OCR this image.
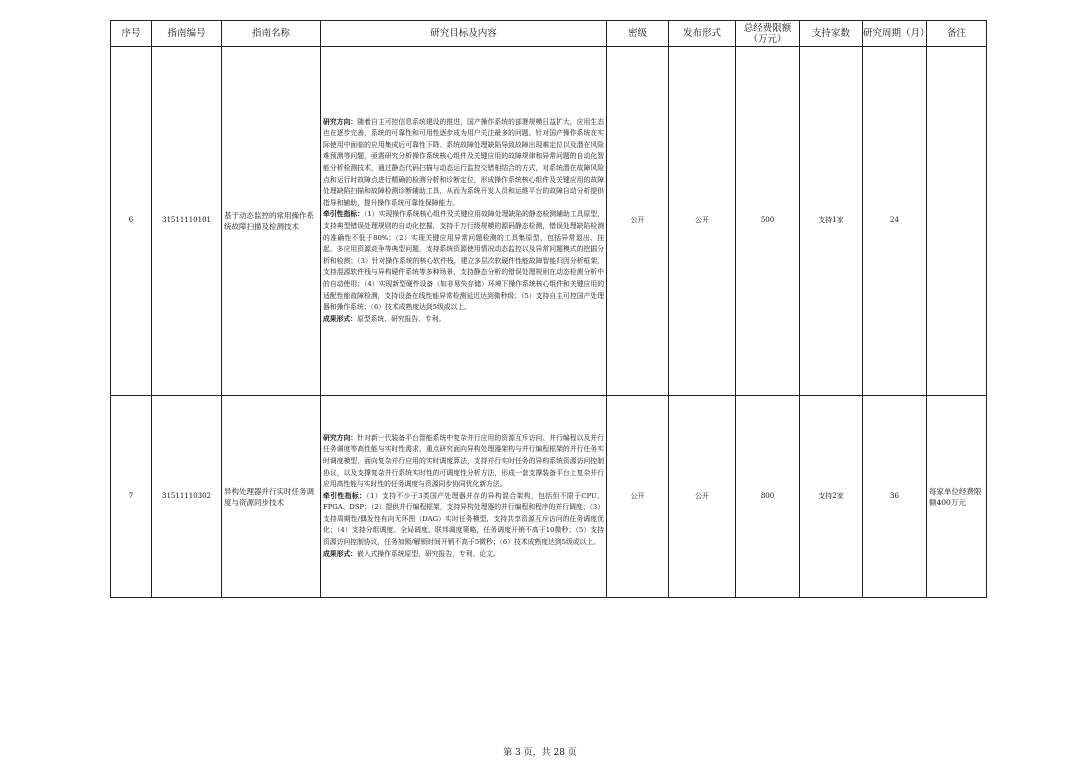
序号	指南编号	指南名称	研究目标及内容	密级	发布形式	总经费限额（万元）	支持家数	研究周期（月）	备注
6	31511110101	基于动态监控的常用操作系统故障扫描及检测技术	研究方向：随着自主可控信息系统建设的推进，国产操作系统的部署规模日益扩大，应用生态也在逐步完善，系统的可靠性和可用性逐步成为用户关注最多的问题。针对国产操作系统在实际使用中面临的应用集成后可靠性下降、系统故障处理缺陷导致故障出现难定位以及潜在风险难预测等问题，亟需研究分析操作系统核心组件及关键应用的故障规律和异常问题的自动化智能分析检测技术，通过静态代码扫描与动态运行监控交错相结合的方式，对系统潜在故障风险点和运行时故障点进行精确的检测分析和诊断定位，形成操作系统核心组件及关键应用的故障处理缺陷扫描和故障检测诊断辅助工具，从而为系统开发人员和运维平台的故障自动分析提供指导和辅助，提升操作系统可靠性保障能力。

牵引性指标：（1）实现操作系统核心组件及关键应用故障处理缺陷的静态检测辅助工具原型，支持典型错误处理规则的自动化挖掘，支持千万行级规模的源码静态检测，错误处理缺陷检测的准确性不低于80%；（2）实现关键应用异常问题检测的工具集原型，包括异常退出、挂起、多应用资源竞争等典型问题，支持系统资源使用情况动态监控以及异常问题模式的挖掘分析和检测；（3）针对操作系统的核心软件栈，建立多层次软硬件性能故障智能归因分析框架，支持混源软件栈与异构硬件系统等多种场景，支持静态分析的错误处理规则在动态检测分析中的自动使用；（4）实现新型硬件设备（如非易失存储）环境下操作系统核心组件和关键应用的适配性能故障检测，支持设备在线性能异常检测延迟达到微秒级；（5）支持自主可控国产处理器和操作系统；（6）技术成熟度达到5级或以上。

成果形式：原型系统、研究报告、专利。	公开	公开	500	支持1家	24	
7	31511110302	异构处理器并行实时任务调度与资源同步技术	研究方向：针对新一代装备平台智能系统中复杂并行应用的资源互斥访问、并行编程以及并行任务调度等高性能与实时性需求，重点研究面向异构处理器架构与并行编程框架的并行任务实时调度模型，面向复杂并行应用的实时调度算法，支持并行实时任务的异构系统资源访问控制协议，以及支撑复杂并行系统实时性的可调度性分析方法，形成一套支撑装备平台上复杂并行应用高性能与实时性的任务调度与资源同步协同优化新方法。

牵引性指标：（1）支持不少于3类国产处理器并存的异构混合架构，包括但不限于CPU、FPGA、DSP；（2）提供并行编程框架，支持异构处理器的并行编程和程序的并行调度；（3）支持周期性/偶发性有向无环图（DAG）实时任务模型，支持共享资源互斥访问的任务调度优化；（4）支持分组调度、全局调度、联邦调度策略，任务调度开销不高于10微秒；（5）支持资源访问控制协议，任务加锁/解锁时间开销不高于5微秒；（6）技术成熟度达到5级或以上。

成果形式：嵌入式操作系统原型、研究报告、专利、论文。	公开	公开	800	支持2家	36	每家单位经费限额400万元
第 3 页，共 28 页
